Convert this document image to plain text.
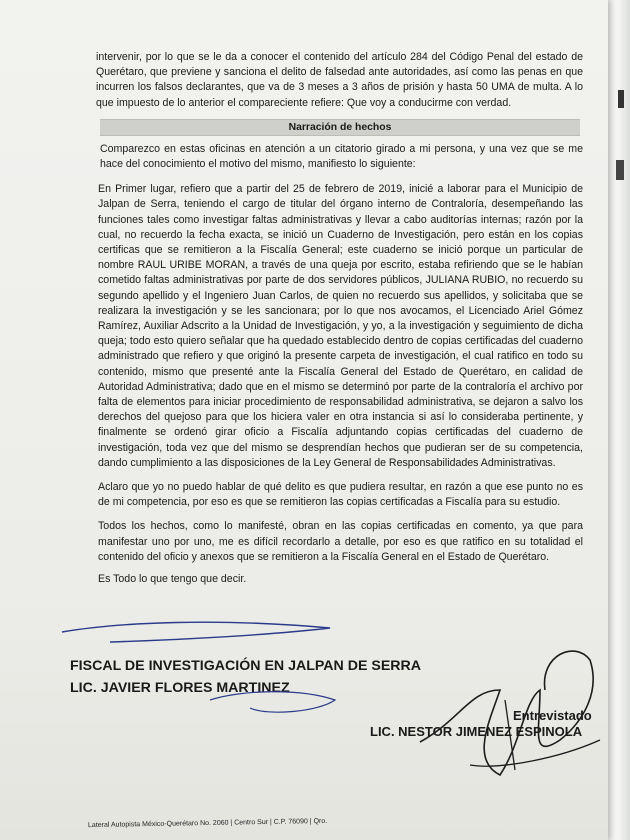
intervenir, por lo que se le da a conocer el contenido del artículo 284 del Código Penal del estado de Querétaro, que previene y sanciona el delito de falsedad ante autoridades, así como las penas en que incurren los falsos declarantes, que va de 3 meses a 3 años de prisión y hasta 50 UMA de multa. A lo que impuesto de lo anterior el compareciente refiere: Que voy a conducirme con verdad.

Narración de hechos

Comparezco en estas oficinas en atención a un citatorio girado a mi persona, y una vez que se me hace del conocimiento el motivo del mismo, manifiesto lo siguiente:

En Primer lugar, refiero que a partir del 25 de febrero de 2019, inicié a laborar para el Municipio de Jalpan de Serra, teniendo el cargo de titular del órgano interno de Contraloría, desempeñando las funciones tales como investigar faltas administrativas y llevar a cabo auditorías internas; razón por la cual, no recuerdo la fecha exacta, se inició un Cuaderno de Investigación, pero están en los copias certificas que se remitieron a la Fiscalía General; este cuaderno se inició porque un particular de nombre RAUL URIBE MORAN, a través de una queja por escrito, estaba refiriendo que se le habían cometido faltas administrativas por parte de dos servidores públicos, JULIANA RUBIO, no recuerdo su segundo apellido y el Ingeniero Juan Carlos, de quien no recuerdo sus apellidos, y solicitaba que se realizara la investigación y se les sancionara; por lo que nos avocamos, el Licenciado Ariel Gómez Ramírez, Auxiliar Adscrito a la Unidad de Investigación, y yo, a la investigación y seguimiento de dicha queja; todo esto quiero señalar que ha quedado establecido dentro de copias certificadas del cuaderno administrado que refiero y que originó la presente carpeta de investigación, el cual ratifico en todo su contenido, mismo que presenté ante la Fiscalía General del Estado de Querétaro, en calidad de Autoridad Administrativa; dado que en el mismo se determinó por parte de la contraloría el archivo por falta de elementos para iniciar procedimiento de responsabilidad administrativa, se dejaron a salvo los derechos del quejoso para que los hiciera valer en otra instancia si así lo consideraba pertinente, y finalmente se ordenó girar oficio a Fiscalía adjuntando copias certificadas del cuaderno de investigación, toda vez que del mismo se desprendían hechos que pudieran ser de su competencia, dando cumplimiento a las disposiciones de la Ley General de Responsabilidades Administrativas.

Aclaro que yo no puedo hablar de qué delito es que pudiera resultar, en razón a que ese punto no es de mi competencia, por eso es que se remitieron las copias certificadas a Fiscalía para su estudio.

Todos los hechos, como lo manifesté, obran en las copias certificadas en comento, ya que para manifestar uno por uno, me es difícil recordarlo a detalle, por eso es que ratifico en su totalidad el contenido del oficio y anexos que se remitieron a la Fiscalía General en el Estado de Querétaro.

Es Todo lo que tengo que decir.

FISCAL DE INVESTIGACIÓN EN JALPAN DE SERRA
LIC. JAVIER FLORES MARTINEZ
Entrevistado
LIC. NESTOR JIMENEZ ESPINOLA
Lateral Autopista México-Querétaro No. 2060 | Centro Sur | C.P. 76090 | Qro.
